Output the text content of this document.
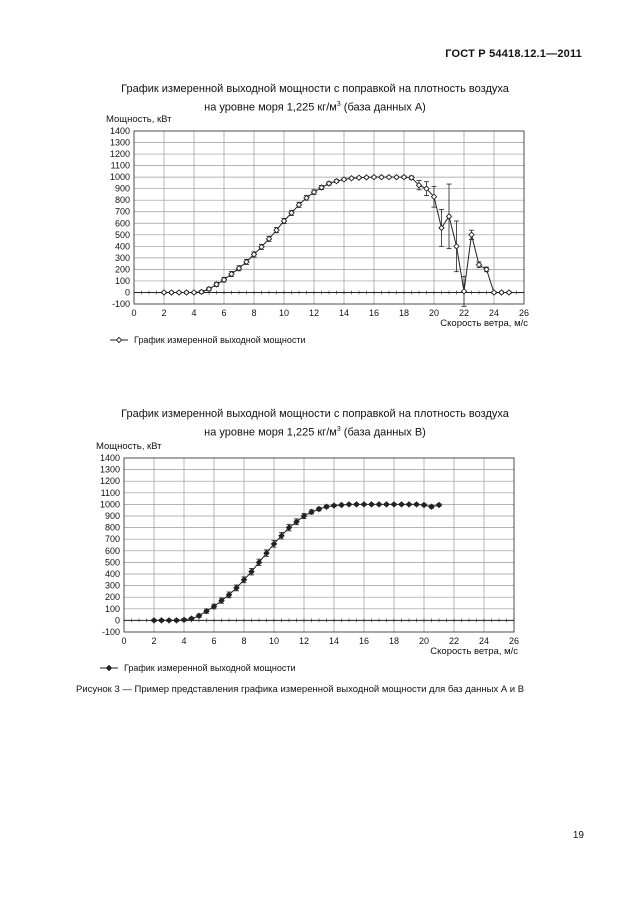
ГОСТ Р 54418.12.1—2011
График измеренной выходной мощности с поправкой на плотность воздуха
на уровне моря 1,225 $кг/м^3$ (база данных А)
График измеренной выходной мощности с поправкой на плотность воздуха
на уровне моря 1,225 $кг/м^3$ (база данных В)
1400
1300
1200
1100
1000
900
800
700
600
500
400
300
200
100
0
-100
0	2	4	6	8 10 12 14 16 18 20 22 24 26
Мощность, кВт
Скорость ветра, м/с
График измеренной выходной мощности
1400
1300
1200
1100
1000
900
800
700
600
500
400
300
200
100
0
-100
0	2	4	6	8 10 12 14 16 18 20 22 24 26
Мощность, кВт
Скорость ветра, м/с
График измеренной выходной мощности
Рисунок 3 — Пример представления графика измеренной выходной мощности для баз данных А и В
19
